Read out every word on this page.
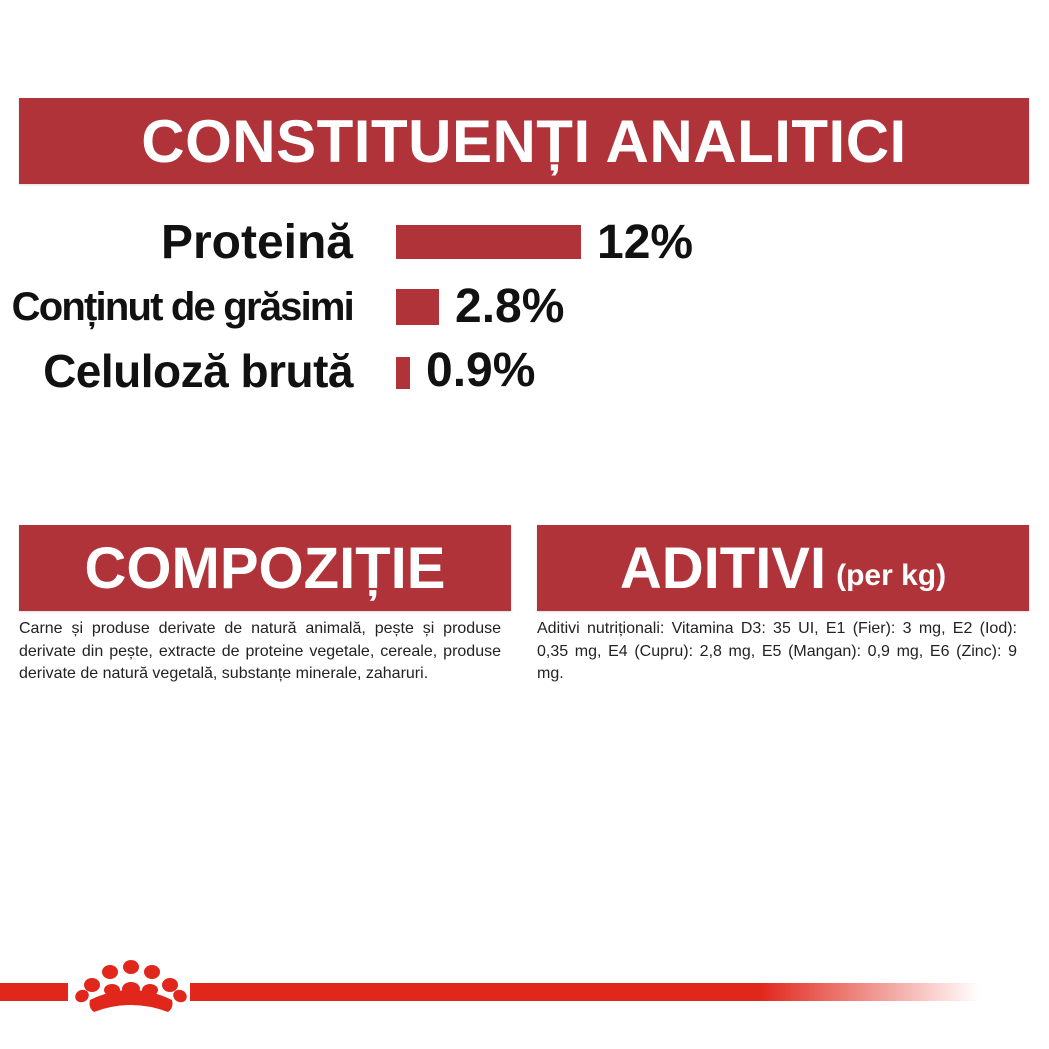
CONSTITUENȚI ANALITICI
Proteină	12%
Conținut de grăsimi 2.8%
Celuloză brută 0.9%
COMPOZIȚIE
Carne și produse derivate de natură animală, pește și produse derivate din pește, extracte de proteine vegetale, cereale, produse derivate de natură vegetală, substanțe minerale, zaharuri.
ADITIVI (per kg)
Aditivi nutriționali: Vitamina D3: 35 UI, E1 (Fier): 3 mg, E2 (Iod): 0,35 mg, E4 (Cupru): 2,8 mg, E5 (Mangan): 0,9 mg, E6 (Zinc): 9 mg.
